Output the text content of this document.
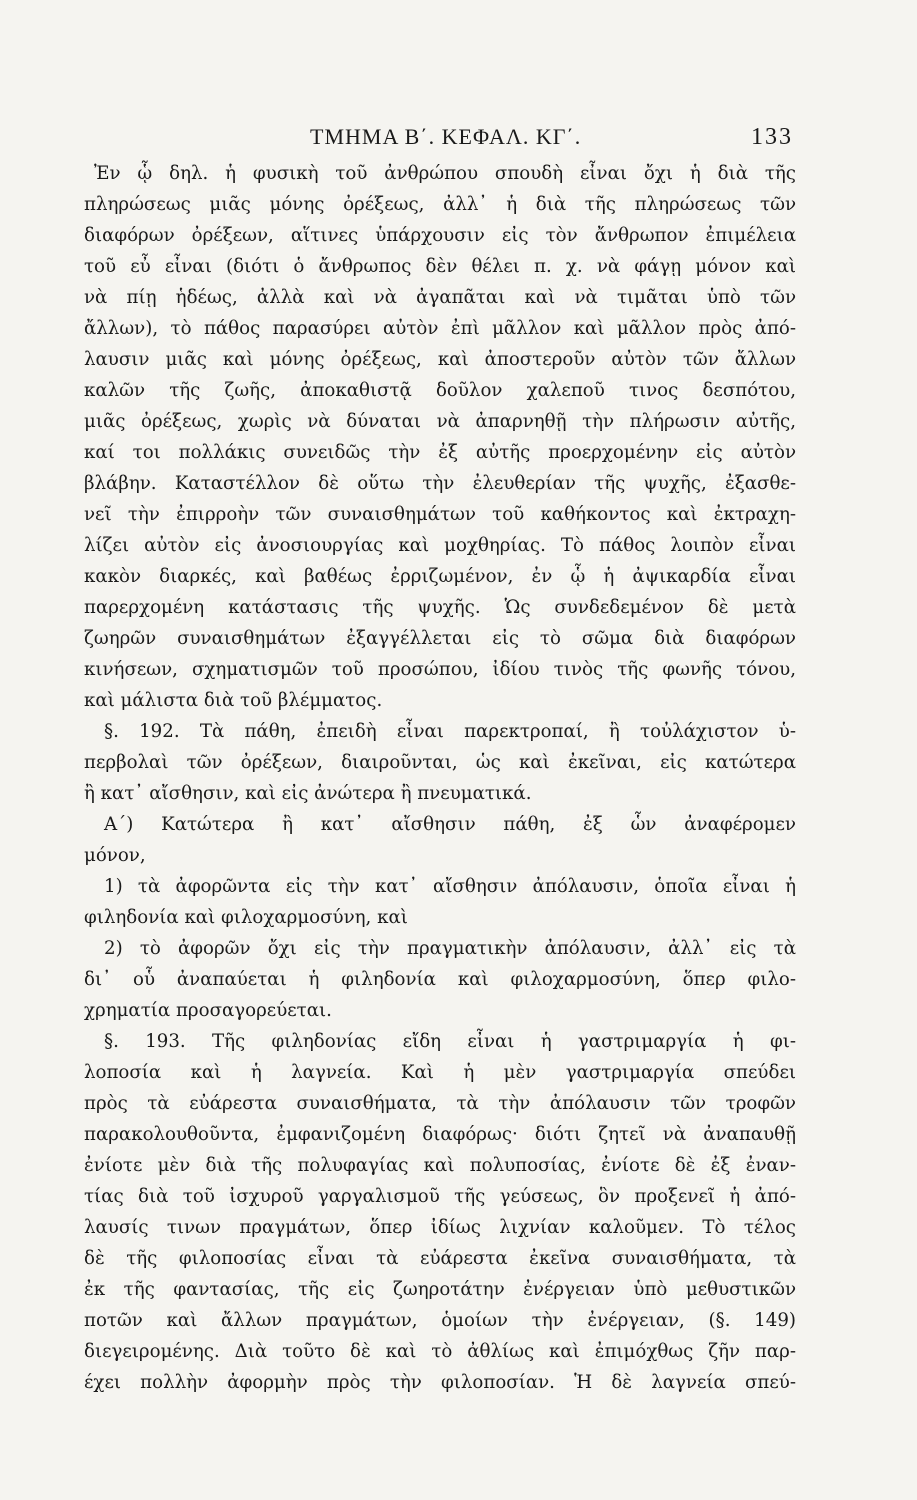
ΤΜΗΜΑ Β΄. ΚΕΦΑΛ. ΚΓ΄.	133
Ἐν ᾧ δηλ. ἡ φυσικὴ τοῦ ἀνθρώπου σπουδὴ εἶναι ὄχι ἡ διὰ τῆς
πληρώσεως μιᾶς μόνης ὀρέξεως, ἀλλ᾽ ἡ διὰ τῆς πληρώσεως τῶν
διαφόρων ὀρέξεων, αἵτινες ὑπάρχουσιν εἰς τὸν ἄνθρωπον ἐπιμέλεια
τοῦ εὖ εἶναι (διότι ὁ ἄνθρωπος δὲν θέλει π. χ. νὰ φάγῃ μόνον καὶ
νὰ πίῃ ἡδέως, ἀλλὰ καὶ νὰ ἀγαπᾶται καὶ νὰ τιμᾶται ὑπὸ τῶν
ἄλλων), τὸ πάθος παρασύρει αὐτὸν ἐπὶ μᾶλλον καὶ μᾶλλον πρὸς ἀπό-
λαυσιν μιᾶς καὶ μόνης ὀρέξεως, καὶ ἀποστεροῦν αὐτὸν τῶν ἄλλων
καλῶν τῆς ζωῆς, ἀποκαθιστᾷ δοῦλον χαλεποῦ τινος δεσπότου,
μιᾶς ὀρέξεως, χωρὶς νὰ δύναται νὰ ἀπαρνηθῇ τὴν πλήρωσιν αὐτῆς,
καί τοι πολλάκις συνειδῶς τὴν ἐξ αὐτῆς προερχομένην εἰς αὐτὸν
βλάβην. Καταστέλλον δὲ οὕτω τὴν ἐλευθερίαν τῆς ψυχῆς, ἐξασθε-
νεῖ τὴν ἐπιρροὴν τῶν συναισθημάτων τοῦ καθήκοντος καὶ ἐκτραχη-
λίζει αὐτὸν εἰς ἀνοσιουργίας καὶ μοχθηρίας. Τὸ πάθος λοιπὸν εἶναι
κακὸν διαρκές, καὶ βαθέως ἐρριζωμένον, ἐν ᾧ ἡ ἀψικαρδία εἶναι
παρερχομένη κατάστασις τῆς ψυχῆς. Ὡς συνδεδεμένον δὲ μετὰ
ζωηρῶν συναισθημάτων ἐξαγγέλλεται εἰς τὸ σῶμα διὰ διαφόρων
κινήσεων, σχηματισμῶν τοῦ προσώπου, ἰδίου τινὸς τῆς φωνῆς τόνου,
καὶ μάλιστα διὰ τοῦ βλέμματος.
§. 192. Τὰ πάθη, ἐπειδὴ εἶναι παρεκτροπαί, ἢ τοὐλάχιστον ὑ-
περβολαὶ τῶν ὀρέξεων, διαιροῦνται, ὡς καὶ ἐκεῖναι, εἰς κατώτερα
ἢ κατ᾽ αἴσθησιν, καὶ εἰς ἀνώτερα ἢ πνευματικά.
Α΄) Κατώτερα ἢ κατ᾽ αἴσθησιν πάθη, ἐξ ὧν ἀναφέρομεν
μόνον,
1) τὰ ἀφορῶντα εἰς τὴν κατ᾽ αἴσθησιν ἀπόλαυσιν, ὁποῖα εἶναι ἡ
φιληδονία καὶ φιλοχαρμοσύνη, καὶ
2) τὸ ἀφορῶν ὄχι εἰς τὴν πραγματικὴν ἀπόλαυσιν, ἀλλ᾽ εἰς τὰ
δι᾽ οὗ ἀναπαύεται ἡ φιληδονία καὶ φιλοχαρμοσύνη, ὅπερ φιλο-
χρηματία προσαγορεύεται.
§. 193. Τῆς φιληδονίας εἴδη εἶναι ἡ γαστριμαργία ἡ φι-
λοποσία καὶ ἡ λαγνεία. Καὶ ἡ μὲν γαστριμαργία σπεύδει
πρὸς τὰ εὐάρεστα συναισθήματα, τὰ τὴν ἀπόλαυσιν τῶν τροφῶν
παρακολουθοῦντα, ἐμφανιζομένη διαφόρως· διότι ζητεῖ νὰ ἀναπαυθῇ
ἐνίοτε μὲν διὰ τῆς πολυφαγίας καὶ πολυποσίας, ἐνίοτε δὲ ἐξ ἐναν-
τίας διὰ τοῦ ἰσχυροῦ γαργαλισμοῦ τῆς γεύσεως, ὃν προξενεῖ ἡ ἀπό-
λαυσίς τινων πραγμάτων, ὅπερ ἰδίως λιχνίαν καλοῦμεν. Τὸ τέλος
δὲ τῆς φιλοποσίας εἶναι τὰ εὐάρεστα ἐκεῖνα συναισθήματα, τὰ
ἐκ τῆς φαντασίας, τῆς εἰς ζωηροτάτην ἐνέργειαν ὑπὸ μεθυστικῶν
ποτῶν καὶ ἄλλων πραγμάτων, ὁμοίων τὴν ἐνέργειαν, (§. 149)
διεγειρομένης. Διὰ τοῦτο δὲ καὶ τὸ ἀθλίως καὶ ἐπιμόχθως ζῆν παρ-
έχει πολλὴν ἀφορμὴν πρὸς τὴν φιλοποσίαν. Ἡ δὲ λαγνεία σπεύ-
